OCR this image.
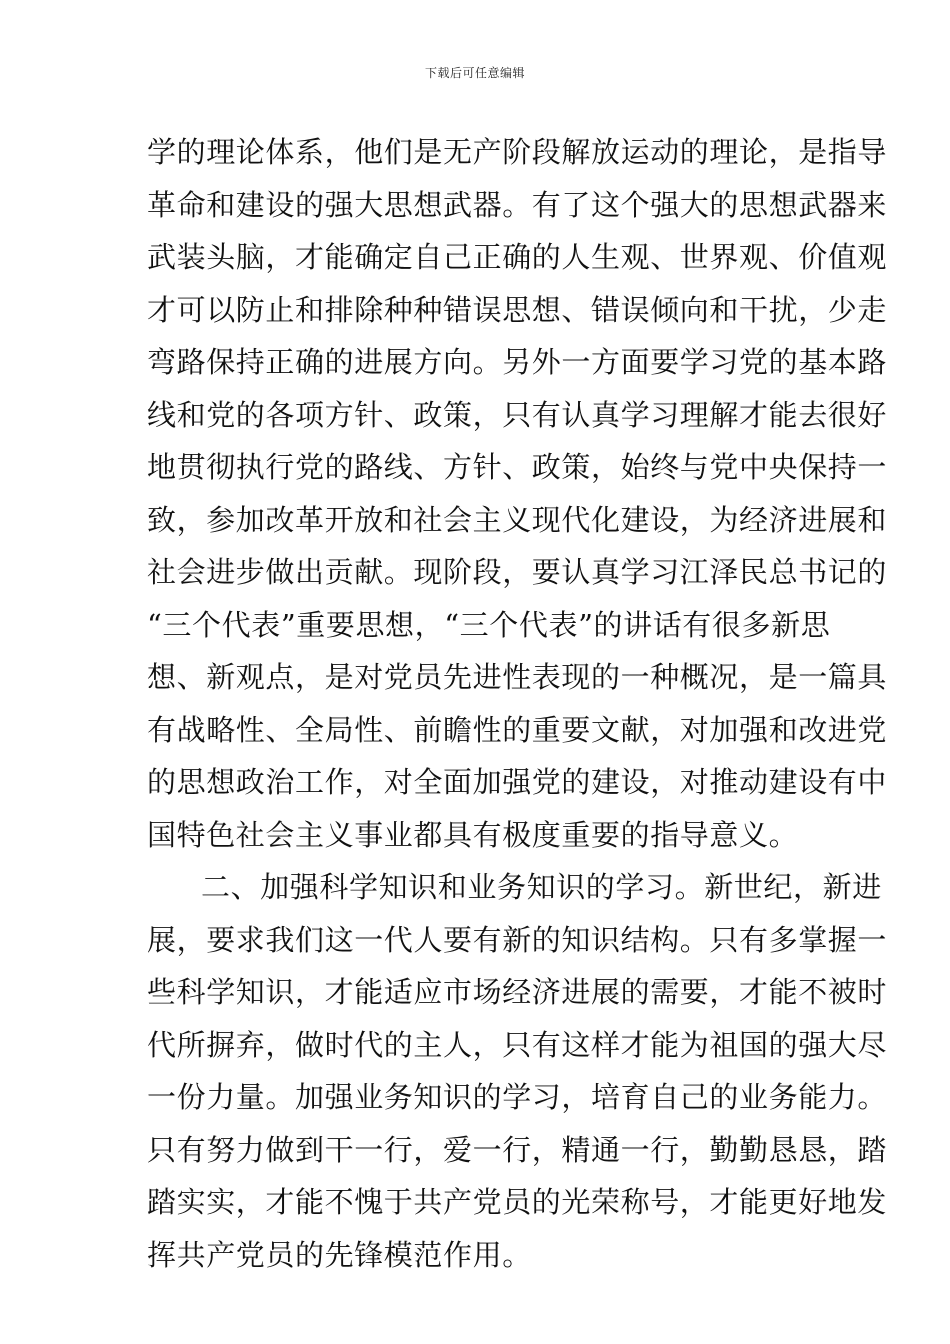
下载后可任意编辑
学的理论体系，他们是无产阶段解放运动的理论，是指导
革命和建设的强大思想武器。有了这个强大的思想武器来
武装头脑，才能确定自己正确的人生观、世界观、价值观
才可以防止和排除种种错误思想、错误倾向和干扰，少走
弯路保持正确的进展方向。另外一方面要学习党的基本路
线和党的各项方针、政策，只有认真学习理解才能去很好
地贯彻执行党的路线、方针、政策，始终与党中央保持一
致，参加改革开放和社会主义现代化建设，为经济进展和
社会进步做出贡献。现阶段，要认真学习江泽民总书记的
“三个代表”重要思想，“三个代表”的讲话有很多新思
想、新观点，是对党员先进性表现的一种概况，是一篇具
有战略性、全局性、前瞻性的重要文献，对加强和改进党
的思想政治工作，对全面加强党的建设，对推动建设有中
国特色社会主义事业都具有极度重要的指导意义。
二、加强科学知识和业务知识的学习。新世纪，新进
展，要求我们这一代人要有新的知识结构。只有多掌握一
些科学知识，才能适应市场经济进展的需要，才能不被时
代所摒弃，做时代的主人，只有这样才能为祖国的强大尽
一份力量。加强业务知识的学习，培育自己的业务能力。
只有努力做到干一行，爱一行，精通一行，勤勤恳恳，踏
踏实实，才能不愧于共产党员的光荣称号，才能更好地发
挥共产党员的先锋模范作用。
